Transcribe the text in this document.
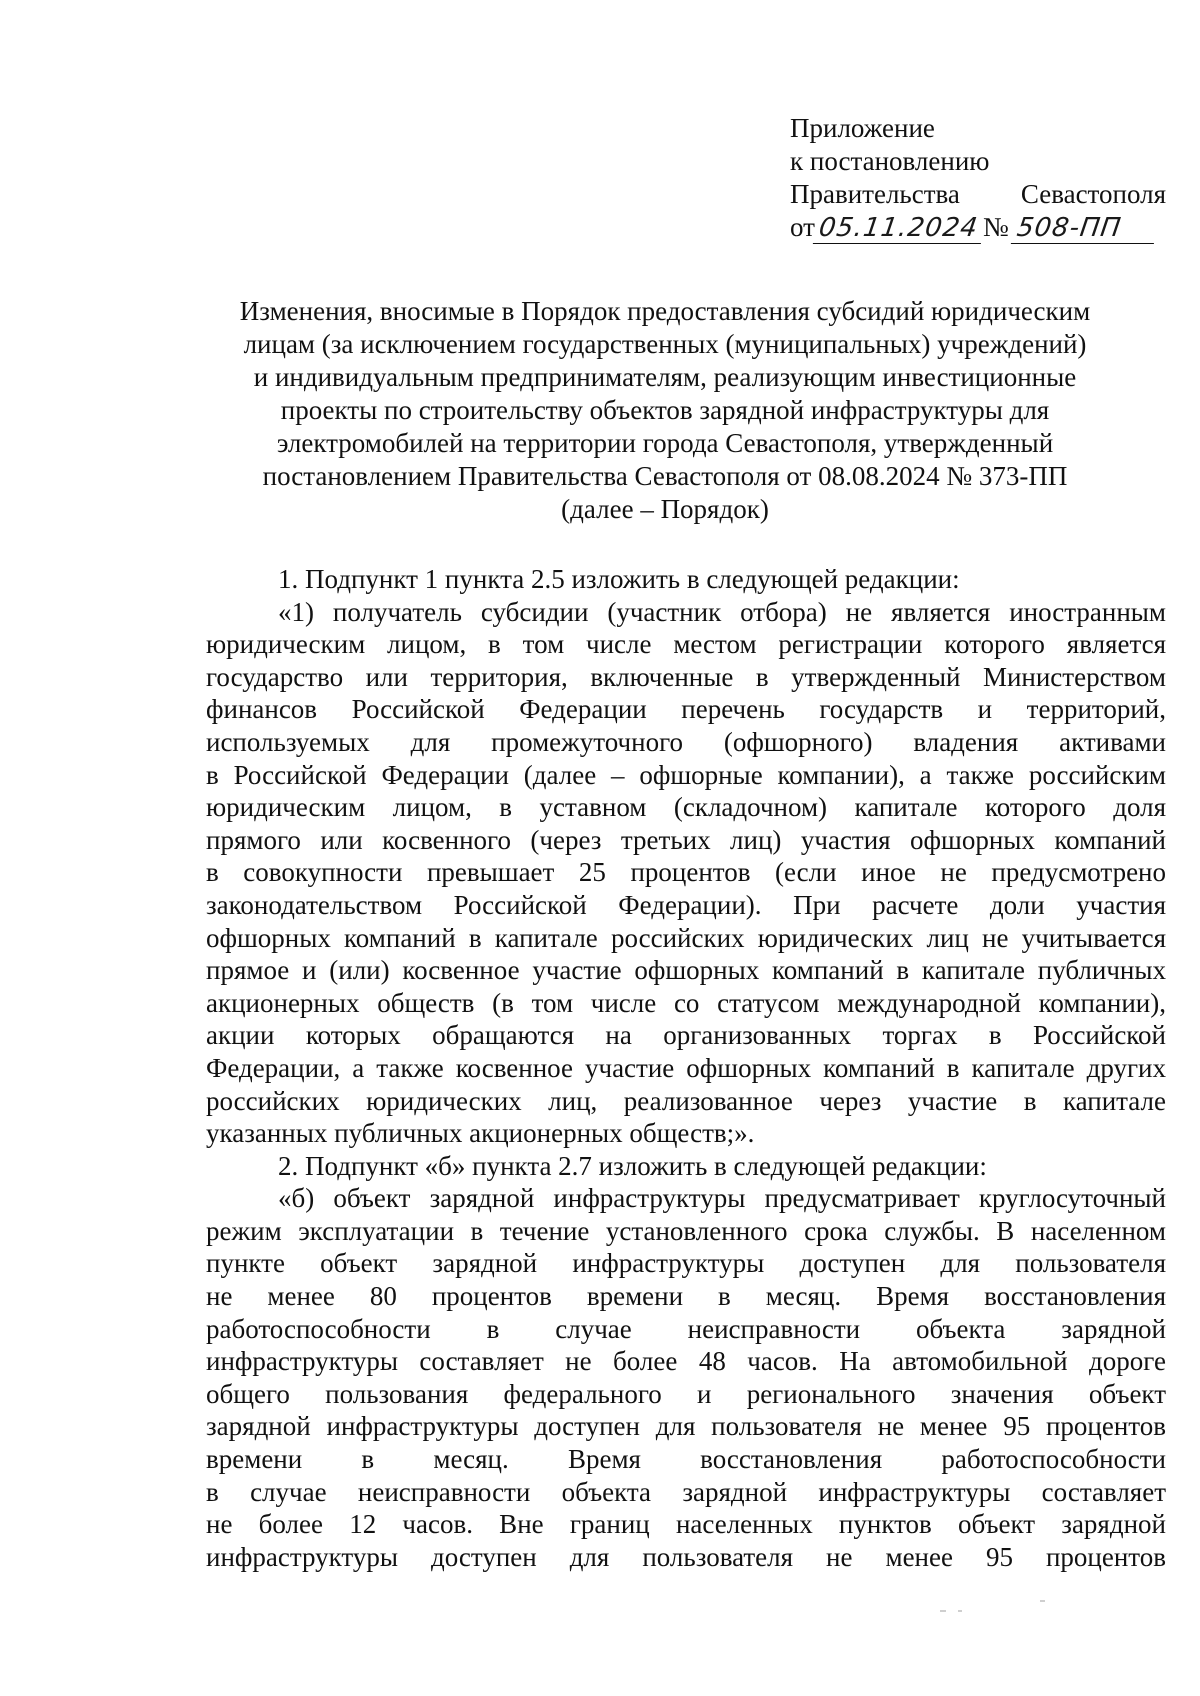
Приложение
к постановлению
Правительства Севастополя
от 05.11.2024 № 508-ПП
Изменения, вносимые в Порядок предоставления субсидий юридическим
лицам (за исключением государственных (муниципальных) учреждений)
и индивидуальным предпринимателям, реализующим инвестиционные
проекты по строительству объектов зарядной инфраструктуры для
электромобилей на территории города Севастополя, утвержденный
постановлением Правительства Севастополя от 08.08.2024 № 373-ПП
(далее – Порядок)
1. Подпункт 1 пункта 2.5 изложить в следующей редакции:
«1) получатель субсидии (участник отбора) не является иностранным
юридическим лицом, в том числе местом регистрации которого является
государство или территория, включенные в утвержденный Министерством
финансов Российской Федерации перечень государств и территорий,
используемых для промежуточного (офшорного) владения активами
в Российской Федерации (далее – офшорные компании), а также российским
юридическим лицом, в уставном (складочном) капитале которого доля
прямого или косвенного (через третьих лиц) участия офшорных компаний
в совокупности превышает 25 процентов (если иное не предусмотрено
законодательством Российской Федерации). При расчете доли участия
офшорных компаний в капитале российских юридических лиц не учитывается
прямое и (или) косвенное участие офшорных компаний в капитале публичных
акционерных обществ (в том числе со статусом международной компании),
акции которых обращаются на организованных торгах в Российской
Федерации, а также косвенное участие офшорных компаний в капитале других
российских юридических лиц, реализованное через участие в капитале
указанных публичных акционерных обществ;».
2. Подпункт «б» пункта 2.7 изложить в следующей редакции:
«б) объект зарядной инфраструктуры предусматривает круглосуточный
режим эксплуатации в течение установленного срока службы. В населенном
пункте объект зарядной инфраструктуры доступен для пользователя
не менее 80 процентов времени в месяц. Время восстановления
работоспособности в случае неисправности объекта зарядной
инфраструктуры составляет не более 48 часов. На автомобильной дороге
общего пользования федерального и регионального значения объект
зарядной инфраструктуры доступен для пользователя не менее 95 процентов
времени в месяц. Время восстановления работоспособности
в случае неисправности объекта зарядной инфраструктуры составляет
не более 12 часов. Вне границ населенных пунктов объект зарядной
инфраструктуры доступен для пользователя не менее 95 процентов
